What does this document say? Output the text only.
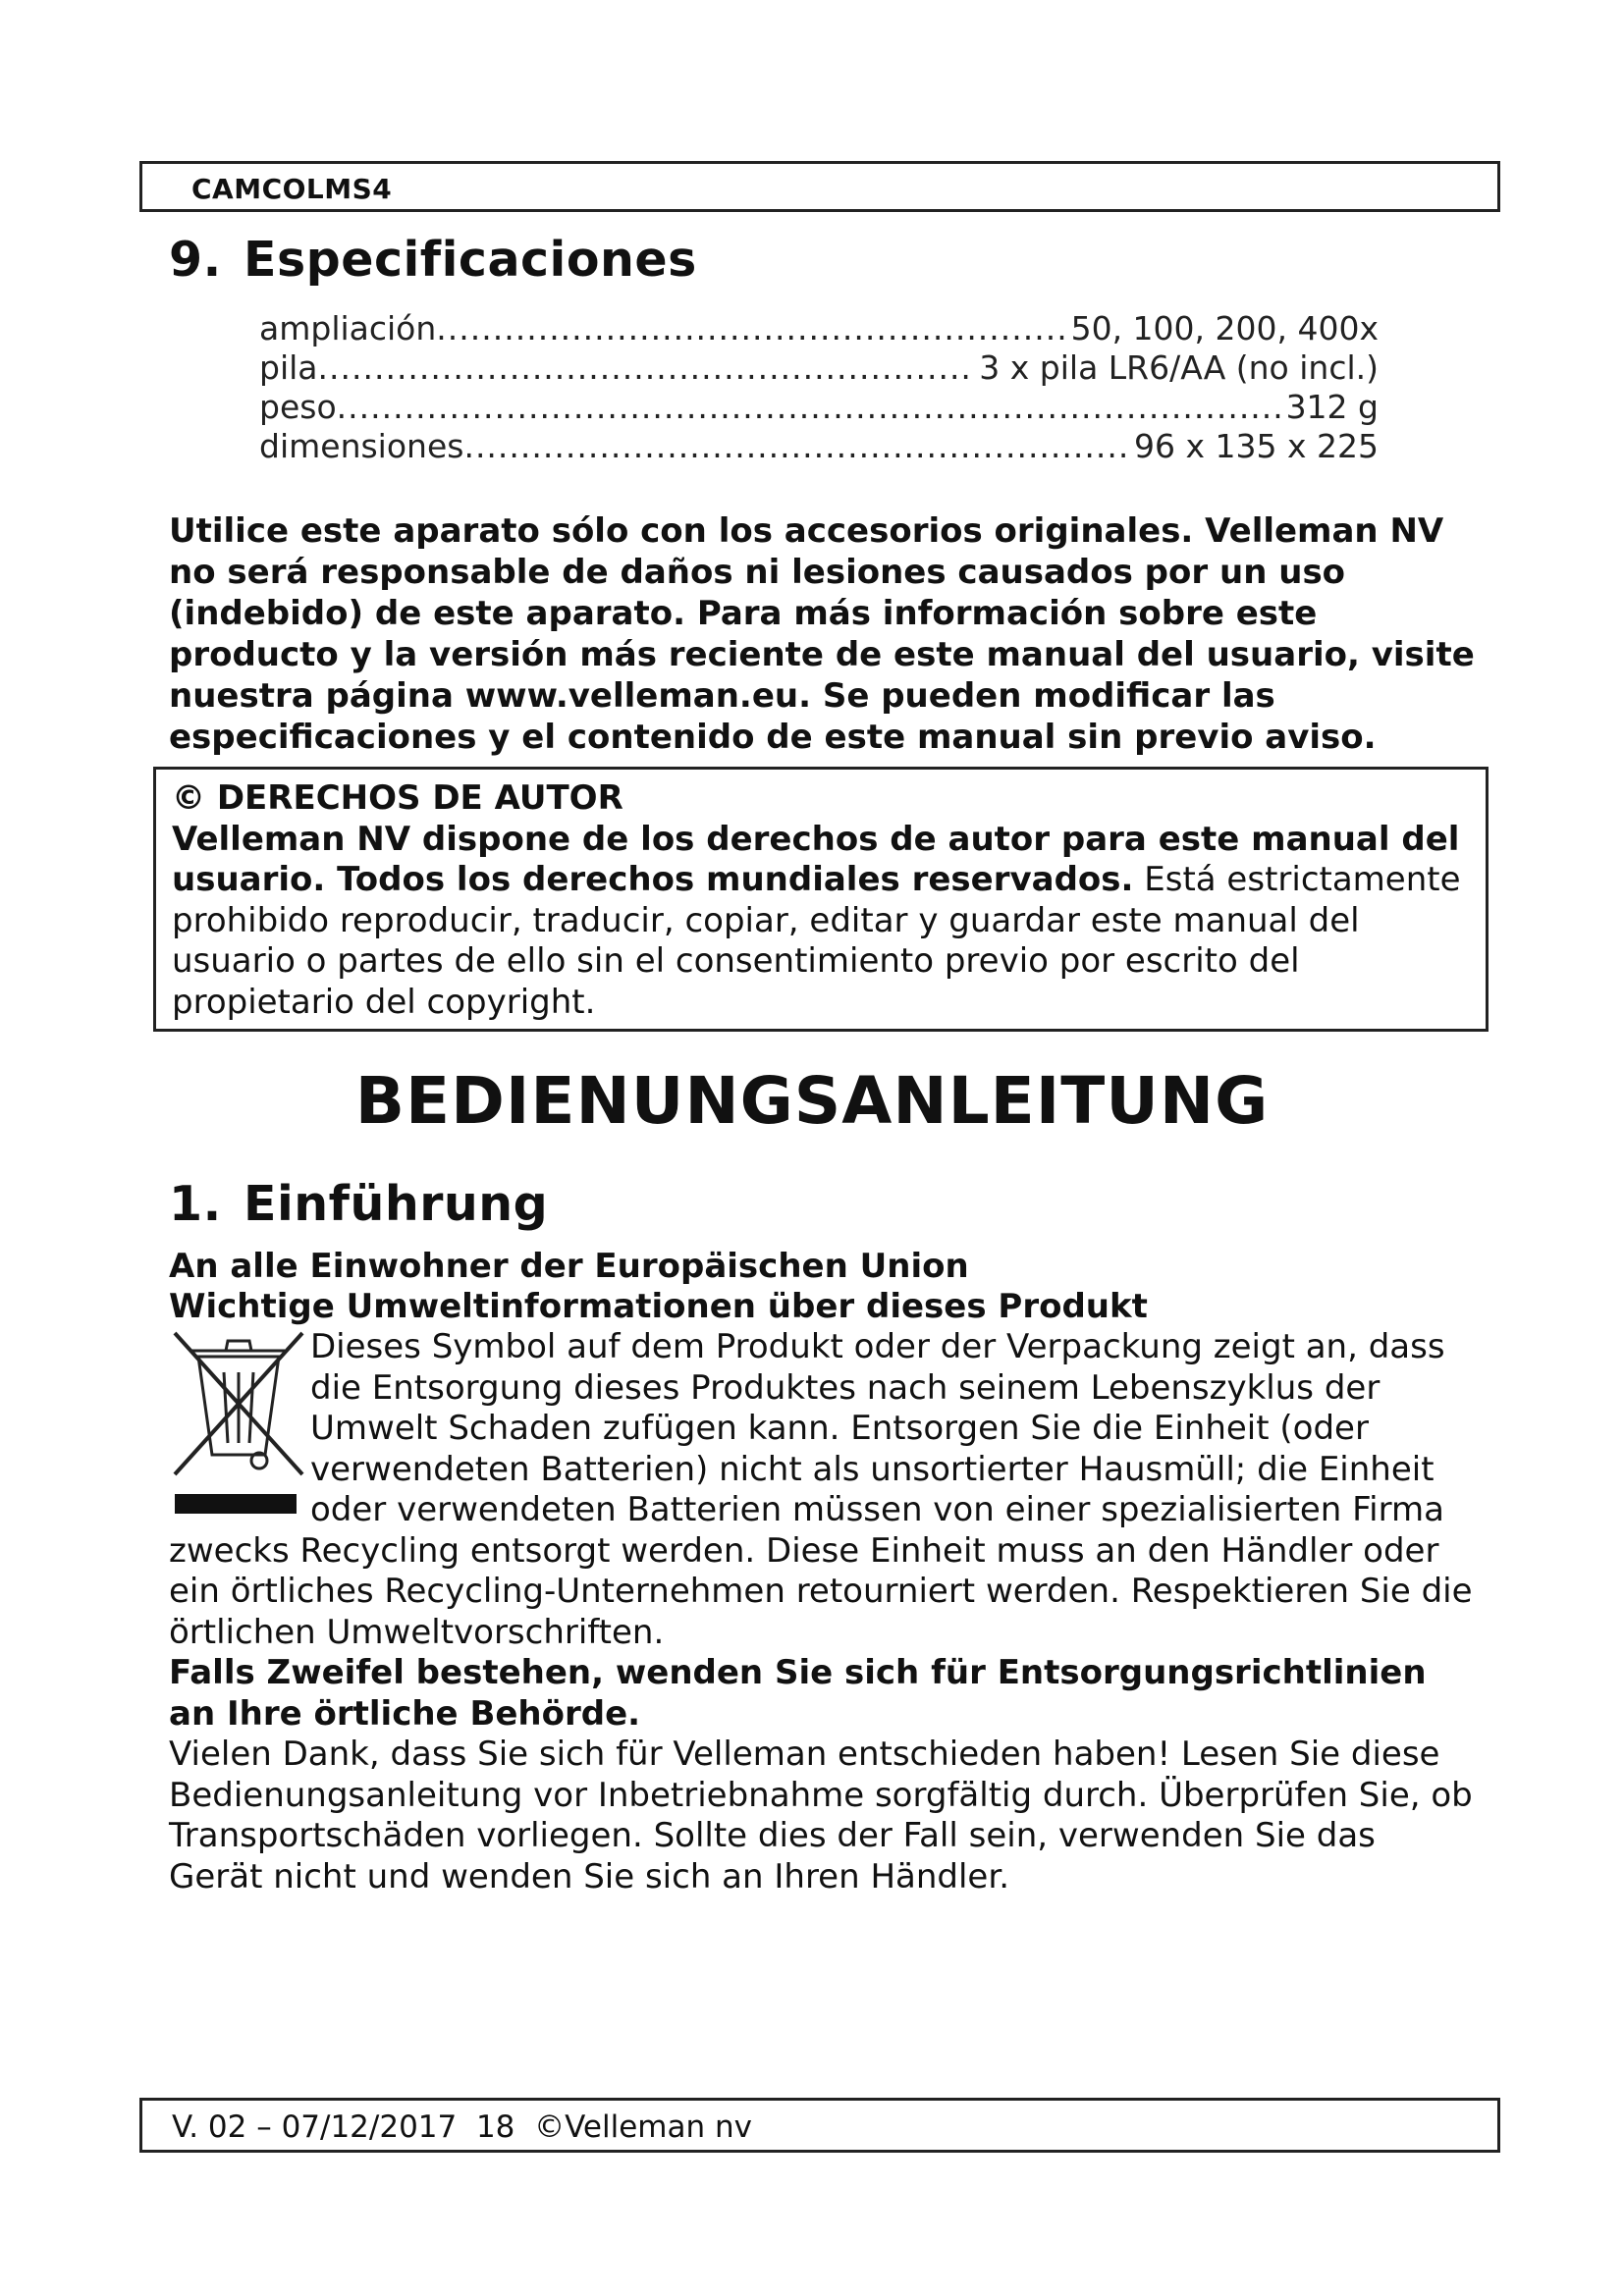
CAMCOLMS4
9. Especificaciones
ampliación .....	50, 100, 200, 400x
pila .....	3 x pila LR6/AA (no incl.)
peso .....	312 g
dimensiones .....	96 x 135 x 225
Utilice este aparato sólo con los accesorios originales. Velleman NV no será responsable de daños ni lesiones causados por un uso (indebido) de este aparato. Para más información sobre este producto y la versión más reciente de este manual del usuario, visite nuestra página www.velleman.eu. Se pueden modificar las especificaciones y el contenido de este manual sin previo aviso.
© DERECHOS DE AUTOR
Velleman NV dispone de los derechos de autor para este manual del usuario. Todos los derechos mundiales reservados. Está estrictamente prohibido reproducir, traducir, copiar, editar y guardar este manual del usuario o partes de ello sin el consentimiento previo por escrito del propietario del copyright.
BEDIENUNGSANLEITUNG
1. Einführung
An alle Einwohner der Europäischen Union
Wichtige Umweltinformationen über dieses Produkt
Dieses Symbol auf dem Produkt oder der Verpackung zeigt an, dass die Entsorgung dieses Produktes nach seinem Lebenszyklus der Umwelt Schaden zufügen kann. Entsorgen Sie die Einheit (oder verwendeten Batterien) nicht als unsortierter Hausmüll; die Einheit oder verwendeten Batterien müssen von einer spezialisierten Firma zwecks Recycling entsorgt werden. Diese Einheit muss an den Händler oder ein örtliches Recycling-Unternehmen retourniert werden. Respektieren Sie die örtlichen Umweltvorschriften.
Falls Zweifel bestehen, wenden Sie sich für Entsorgungsrichtlinien an Ihre örtliche Behörde.
Vielen Dank, dass Sie sich für Velleman entschieden haben! Lesen Sie diese Bedienungsanleitung vor Inbetriebnahme sorgfältig durch. Überprüfen Sie, ob Transportschäden vorliegen. Sollte dies der Fall sein, verwenden Sie das Gerät nicht und wenden Sie sich an Ihren Händler.
V. 02 – 07/12/2017  18  ©Velleman nv
